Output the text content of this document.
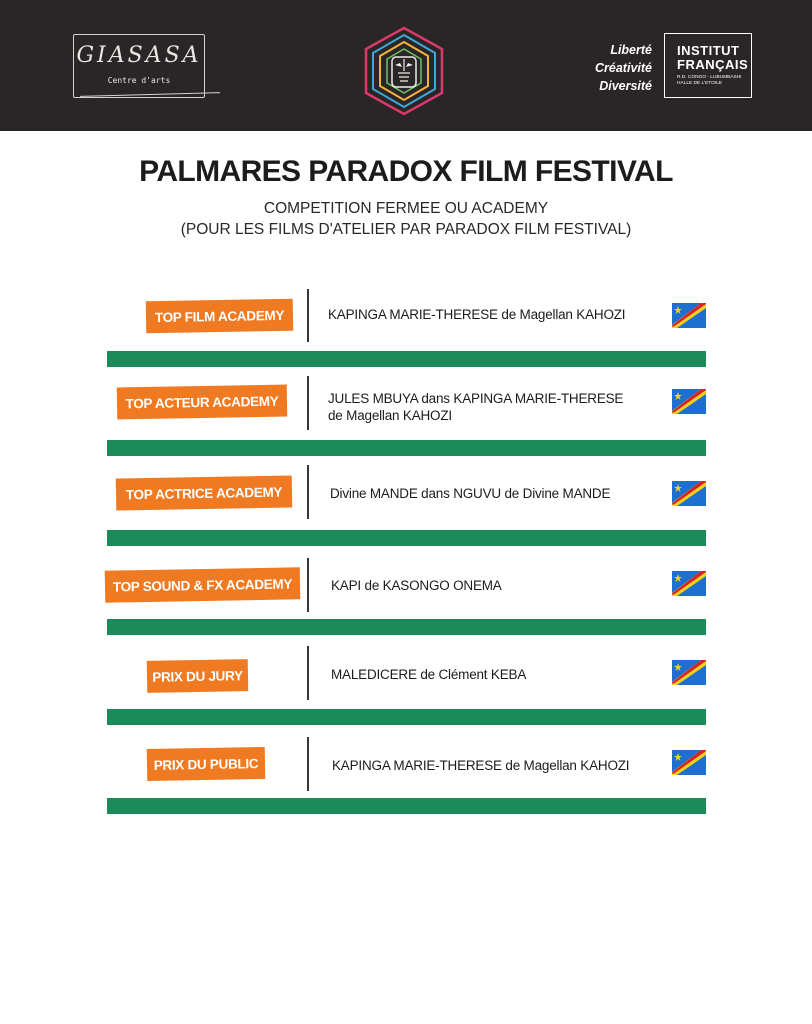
GIASASA
Centre d'arts
Liberté
Créativité
Diversité
INSTITUT
FRANÇAIS
R.D. CONGO - LUBUMBASHI
HALLE DE L'ETOILE
PALMARES PARADOX FILM FESTIVAL
COMPETITION FERMEE OU ACADEMY
(POUR LES FILMS D'ATELIER PAR PARADOX FILM FESTIVAL)
TOP FILM ACADEMY	KAPINGA MARIE-THERESE de Magellan KAHOZI
TOP ACTEUR ACADEMY	JULES MBUYA dans KAPINGA MARIE-THERESE
de Magellan KAHOZI
TOP ACTRICE ACADEMY	Divine MANDE dans NGUVU de Divine MANDE
TOP SOUND & FX ACADEMY	KAPI de KASONGO ONEMA
PRIX DU JURY	MALEDICERE de Clément KEBA
PRIX DU PUBLIC	KAPINGA MARIE-THERESE de Magellan KAHOZI
